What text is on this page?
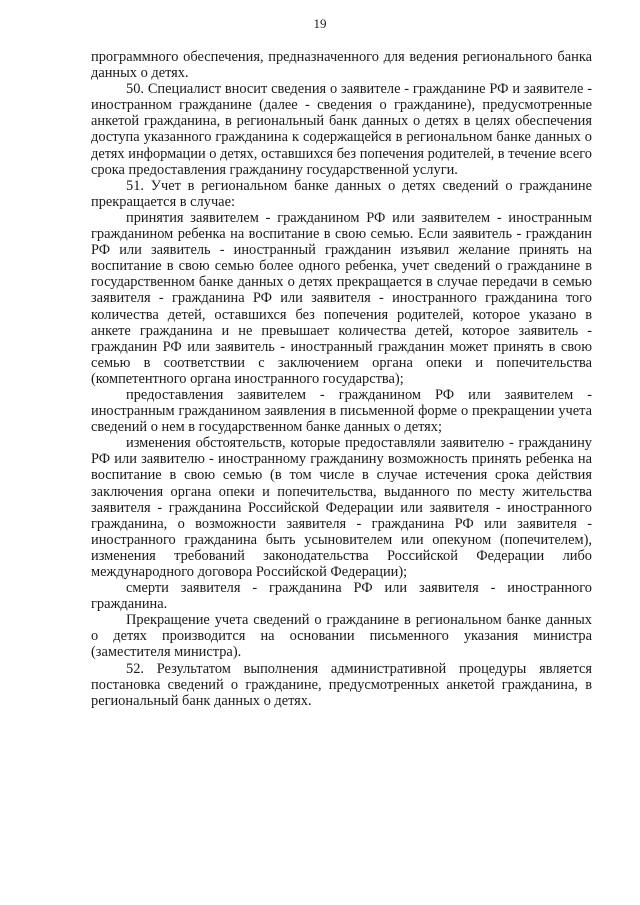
19

программного обеспечения, предназначенного для ведения регионального банка данных о детях.

50. Специалист вносит сведения о заявителе - гражданине РФ и заявителе - иностранном гражданине (далее - сведения о гражданине), предусмотренные анкетой гражданина, в региональный банк данных о детях в целях обеспечения доступа указанного гражданина к содержащейся в региональном банке данных о детях информации о детях, оставшихся без попечения родителей, в течение всего срока предоставления гражданину государственной услуги.

51. Учет в региональном банке данных о детях сведений о гражданине прекращается в случае:

принятия заявителем - гражданином РФ или заявителем - иностранным гражданином ребенка на воспитание в свою семью. Если заявитель - гражданин РФ или заявитель - иностранный гражданин изъявил желание принять на воспитание в свою семью более одного ребенка, учет сведений о гражданине в государственном банке данных о детях прекращается в случае передачи в семью заявителя - гражданина РФ или заявителя - иностранного гражданина того количества детей, оставшихся без попечения родителей, которое указано в анкете гражданина и не превышает количества детей, которое заявитель - гражданин РФ или заявитель - иностранный гражданин может принять в свою семью в соответствии с заключением органа опеки и попечительства (компетентного органа иностранного государства);

предоставления заявителем - гражданином РФ или заявителем - иностранным гражданином заявления в письменной форме о прекращении учета сведений о нем в государственном банке данных о детях;

изменения обстоятельств, которые предоставляли заявителю - гражданину РФ или заявителю - иностранному гражданину возможность принять ребенка на воспитание в свою семью (в том числе в случае истечения срока действия заключения органа опеки и попечительства, выданного по месту жительства заявителя - гражданина Российской Федерации или заявителя - иностранного гражданина, о возможности заявителя - гражданина РФ или заявителя - иностранного гражданина быть усыновителем или опекуном (попечителем), изменения требований законодательства Российской Федерации либо международного договора Российской Федерации);

смерти заявителя - гражданина РФ или заявителя - иностранного гражданина.

Прекращение учета сведений о гражданине в региональном банке данных о детях производится на основании письменного указания министра (заместителя министра).

52. Результатом выполнения административной процедуры является постановка сведений о гражданине, предусмотренных анкетой гражданина, в региональный банк данных о детях.
